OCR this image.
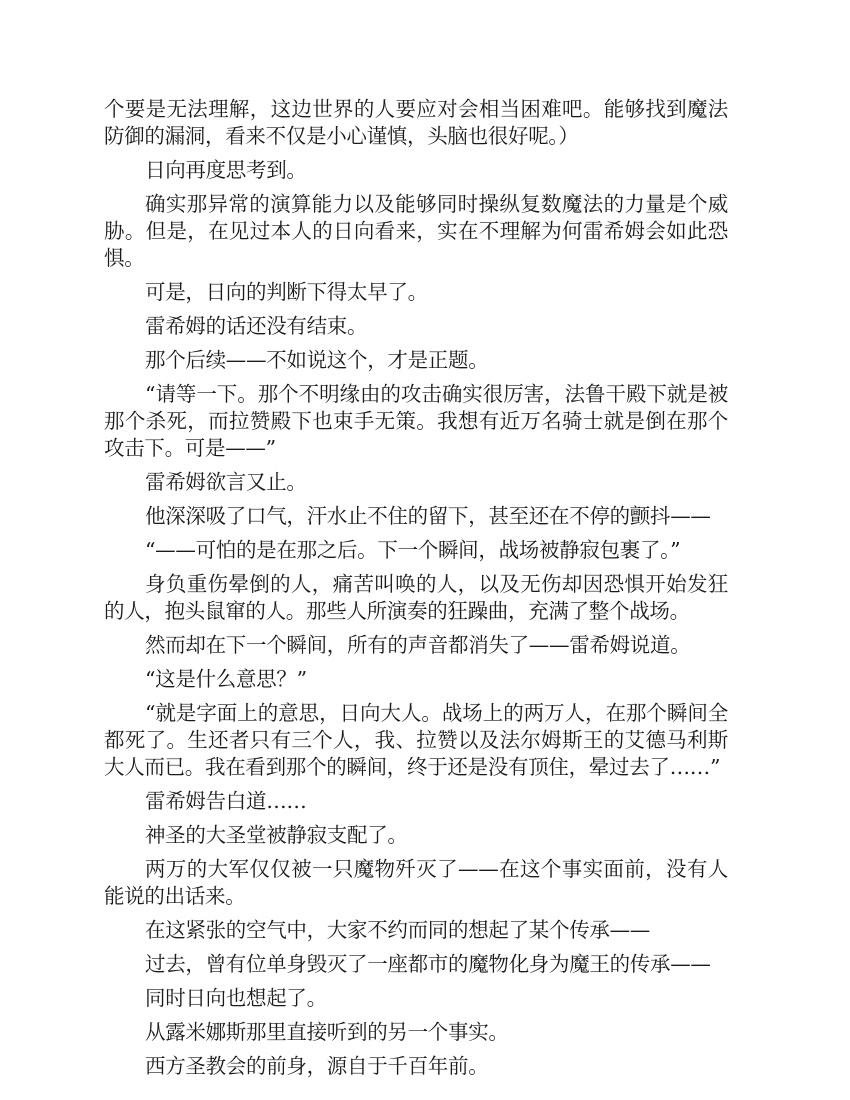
个要是无法理解，这边世界的人要应对会相当困难吧。能够找到魔法防御的漏洞，看来不仅是小心谨慎，头脑也很好呢。）

日向再度思考到。

确实那异常的演算能力以及能够同时操纵复数魔法的力量是个威胁。但是，在见过本人的日向看来，实在不理解为何雷希姆会如此恐惧。

可是，日向的判断下得太早了。

雷希姆的话还没有结束。

那个后续——不如说这个，才是正题。

“请等一下。那个不明缘由的攻击确实很厉害，法鲁干殿下就是被那个杀死，而拉赞殿下也束手无策。我想有近万名骑士就是倒在那个攻击下。可是——”

雷希姆欲言又止。

他深深吸了口气，汗水止不住的留下，甚至还在不停的颤抖——

“——可怕的是在那之后。下一个瞬间，战场被静寂包裹了。”

身负重伤晕倒的人，痛苦叫唤的人，以及无伤却因恐惧开始发狂的人，抱头鼠窜的人。那些人所演奏的狂躁曲，充满了整个战场。

然而却在下一个瞬间，所有的声音都消失了——雷希姆说道。

“这是什么意思？”

“就是字面上的意思，日向大人。战场上的两万人，在那个瞬间全都死了。生还者只有三个人，我、拉赞以及法尔姆斯王的艾德马利斯大人而已。我在看到那个的瞬间，终于还是没有顶住，晕过去了……”

雷希姆告白道……

神圣的大圣堂被静寂支配了。

两万的大军仅仅被一只魔物歼灭了——在这个事实面前，没有人能说的出话来。

在这紧张的空气中，大家不约而同的想起了某个传承——

过去，曾有位单身毁灭了一座都市的魔物化身为魔王的传承——

同时日向也想起了。

从露米娜斯那里直接听到的另一个事实。

西方圣教会的前身，源自于千百年前。
